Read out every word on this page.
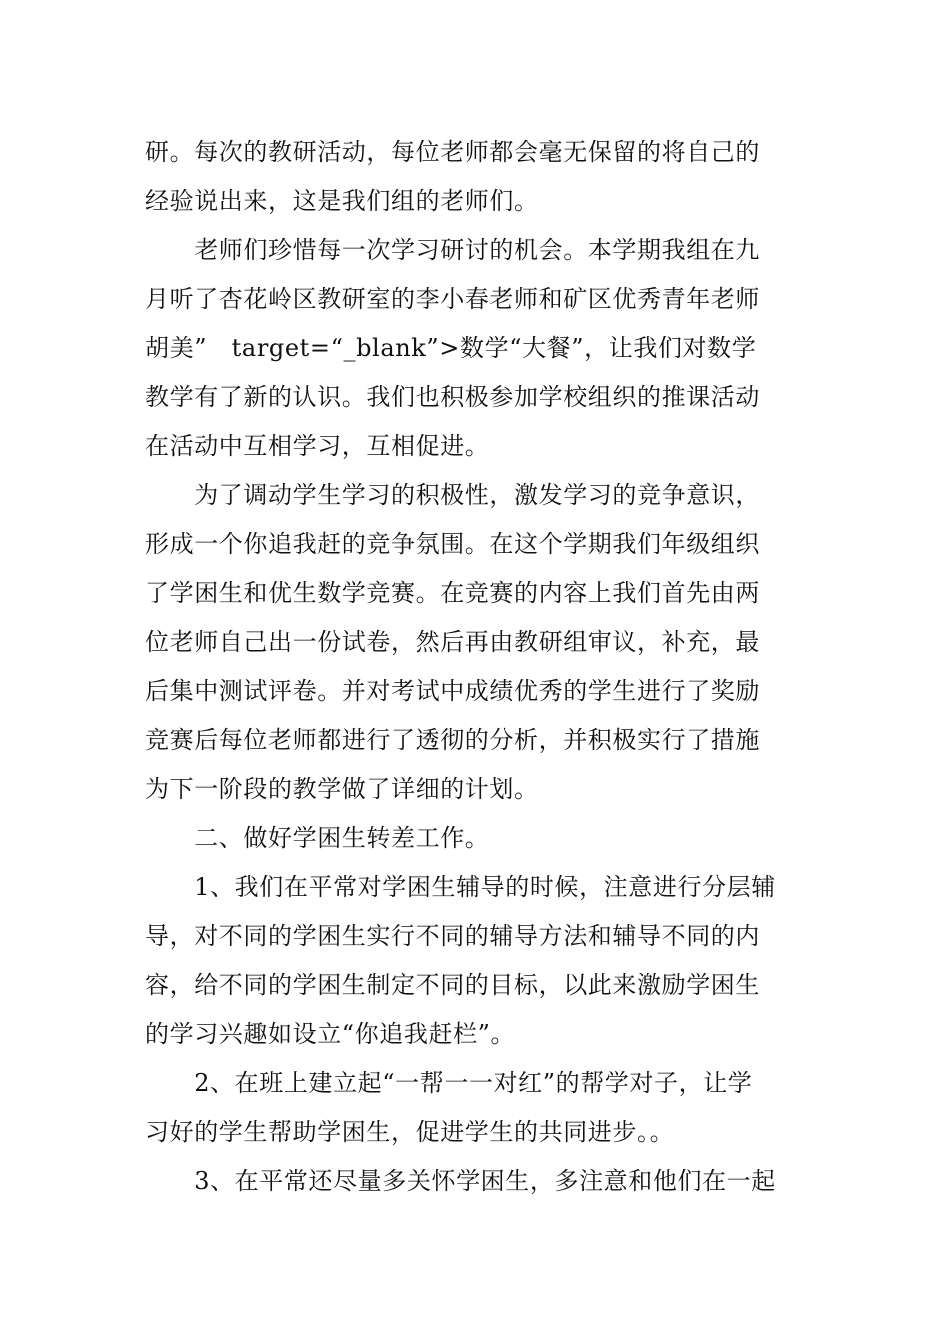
研。每次的教研活动，每位老师都会毫无保留的将自己的
经验说出来，这是我们组的老师们。
　　老师们珍惜每一次学习研讨的机会。本学期我组在九
月听了杏花岭区教研室的李小春老师和矿区优秀青年老师
胡美”　target=“_blank”>数学“大餐”，让我们对数学
教学有了新的认识。我们也积极参加学校组织的推课活动
在活动中互相学习，互相促进。
　　为了调动学生学习的积极性，激发学习的竞争意识，
形成一个你追我赶的竞争氛围。在这个学期我们年级组织
了学困生和优生数学竞赛。在竞赛的内容上我们首先由两
位老师自己出一份试卷，然后再由教研组审议，补充，最
后集中测试评卷。并对考试中成绩优秀的学生进行了奖励
竞赛后每位老师都进行了透彻的分析，并积极实行了措施
为下一阶段的教学做了详细的计划。
　　二、做好学困生转差工作。
　　1、我们在平常对学困生辅导的时候，注意进行分层辅
导，对不同的学困生实行不同的辅导方法和辅导不同的内
容，给不同的学困生制定不同的目标，以此来激励学困生
的学习兴趣如设立“你追我赶栏”。
　　2、在班上建立起“一帮一一对红”的帮学对子，让学
习好的学生帮助学困生，促进学生的共同进步。。
　　3、在平常还尽量多关怀学困生，多注意和他们在一起
